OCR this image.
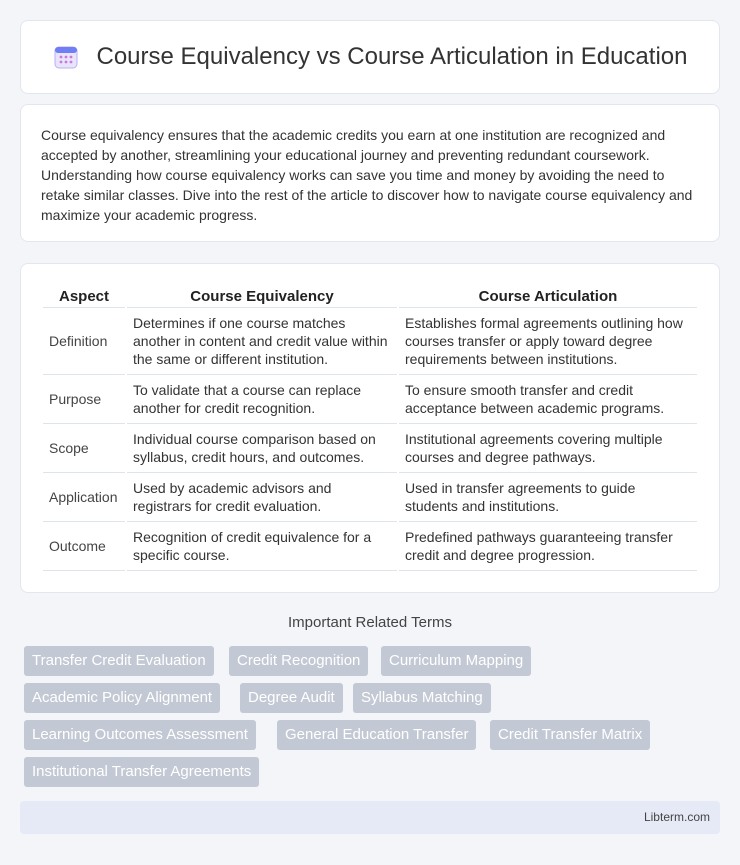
Course Equivalency vs Course Articulation in Education

Course equivalency ensures that the academic credits you earn at one institution are recognized and accepted by another, streamlining your educational journey and preventing redundant coursework. Understanding how course equivalency works can save you time and money by avoiding the need to retake similar classes. Dive into the rest of the article to discover how to navigate course equivalency and maximize your academic progress.

Aspect	Course Equivalency	Course Articulation
Definition	Determines if one course matches another in content and credit value within the same or different institution.	Establishes formal agreements outlining how courses transfer or apply toward degree requirements between institutions.
Purpose	To validate that a course can replace another for credit recognition.	To ensure smooth transfer and credit acceptance between academic programs.
Scope	Individual course comparison based on syllabus, credit hours, and outcomes.	Institutional agreements covering multiple courses and degree pathways.
Application	Used by academic advisors and registrars for credit evaluation.	Used in transfer agreements to guide students and institutions.
Outcome	Recognition of credit equivalence for a specific course.	Predefined pathways guaranteeing transfer credit and degree progression.
Important Related Terms
Transfer Credit Evaluation	Credit Recognition	Curriculum Mapping
Academic Policy Alignment	Degree Audit	Syllabus Matching
Learning Outcomes Assessment	General Education Transfer	Credit Transfer Matrix
Institutional Transfer Agreements
Libterm.com
